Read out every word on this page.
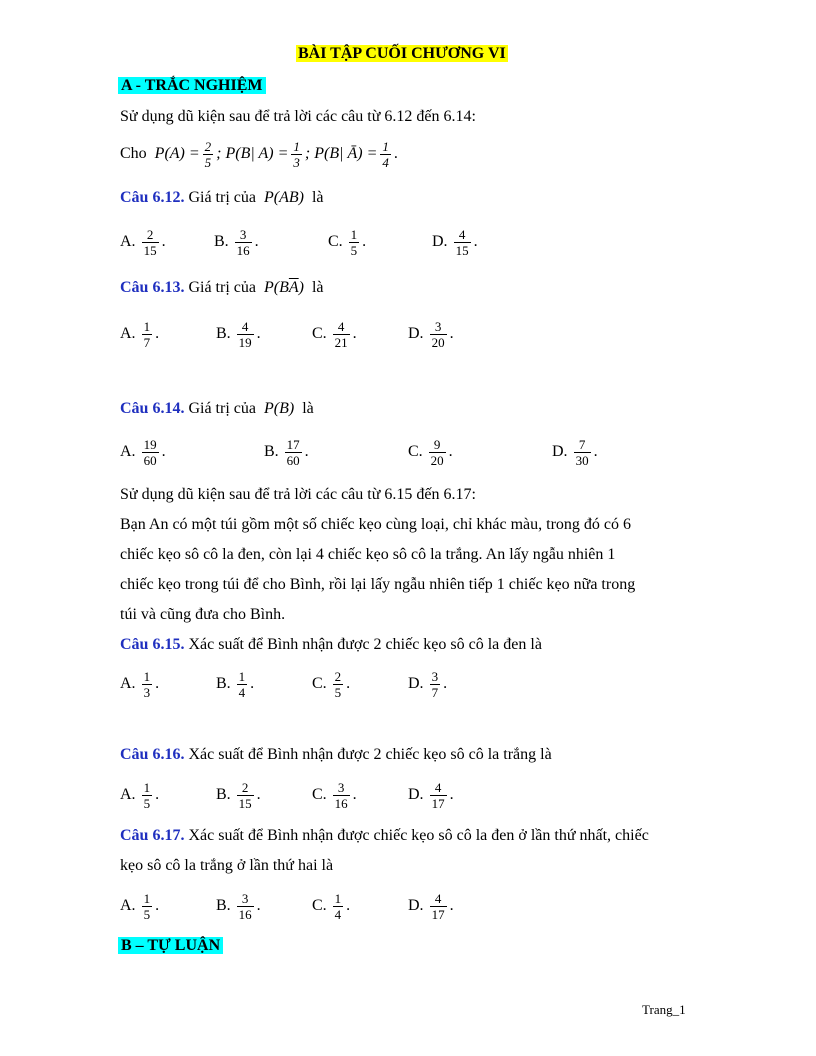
BÀI TẬP CUỐI CHƯƠNG VI
A - TRẮC NGHIỆM
Sử dụng dũ kiện sau để trả lời các câu từ 6.12 đến 6.14:
Cho $P(A) = \frac{2}{5}$ ; P(B| $A) = \frac{1}{3}$ ; P(B| Ā) = $\frac{1}{4}$ .
Câu 6.12. Giá trị của P(AB) là
A. $\frac{2}{15}$ .	B. $\frac{3}{16}$ .	C. $\frac{1}{5}$ .	D. $\frac{4}{15}$ .
Câu 6.13. Giá trị của $P(B\overline{A})$ là
A. $\frac{1}{7}$ .	B. $\frac{4}{19}$ .	C. $\frac{4}{21}$ .	D. $\frac{3}{20}$ .
Câu 6.14. Giá trị của P(B) là
A. $\frac{19}{60}$ .	B. $\frac{17}{60}$ .	C. $\frac{9}{20}$ .	D. $\frac{7}{30}$ .
Sử dụng dũ kiện sau để trả lời các câu từ 6.15 đến 6.17:
Bạn An có một túi gồm một số chiếc kẹo cùng loại, chỉ khác màu, trong đó có 6
chiếc kẹo sô cô la đen, còn lại 4 chiếc kẹo sô cô la trắng. An lấy ngẫu nhiên 1
chiếc kẹo trong túi để cho Bình, rồi lại lấy ngẫu nhiên tiếp 1 chiếc kẹo nữa trong
túi và cũng đưa cho Bình.
Câu 6.15. Xác suất để Bình nhận được 2 chiếc kẹo sô cô la đen là
A. $\frac{1}{3}$ .	B. $\frac{1}{4}$ .	C. $\frac{2}{5}$ .	D. $\frac{3}{7}$ .
Câu 6.16. Xác suất để Bình nhận được 2 chiếc kẹo sô cô la trắng là
A. $\frac{1}{5}$ .	B. $\frac{2}{15}$ .	C. $\frac{3}{16}$ .	D. $\frac{4}{17}$ .
Câu 6.17. Xác suất để Bình nhận được chiếc kẹo sô cô la đen ở lần thứ nhất, chiếc
kẹo sô cô la trắng ở lần thứ hai là
A. $\frac{1}{5}$ .	B. $\frac{3}{16}$ .	C. $\frac{1}{4}$ .	D. $\frac{4}{17}$ .
B – TỰ LUẬN
Trang_1
